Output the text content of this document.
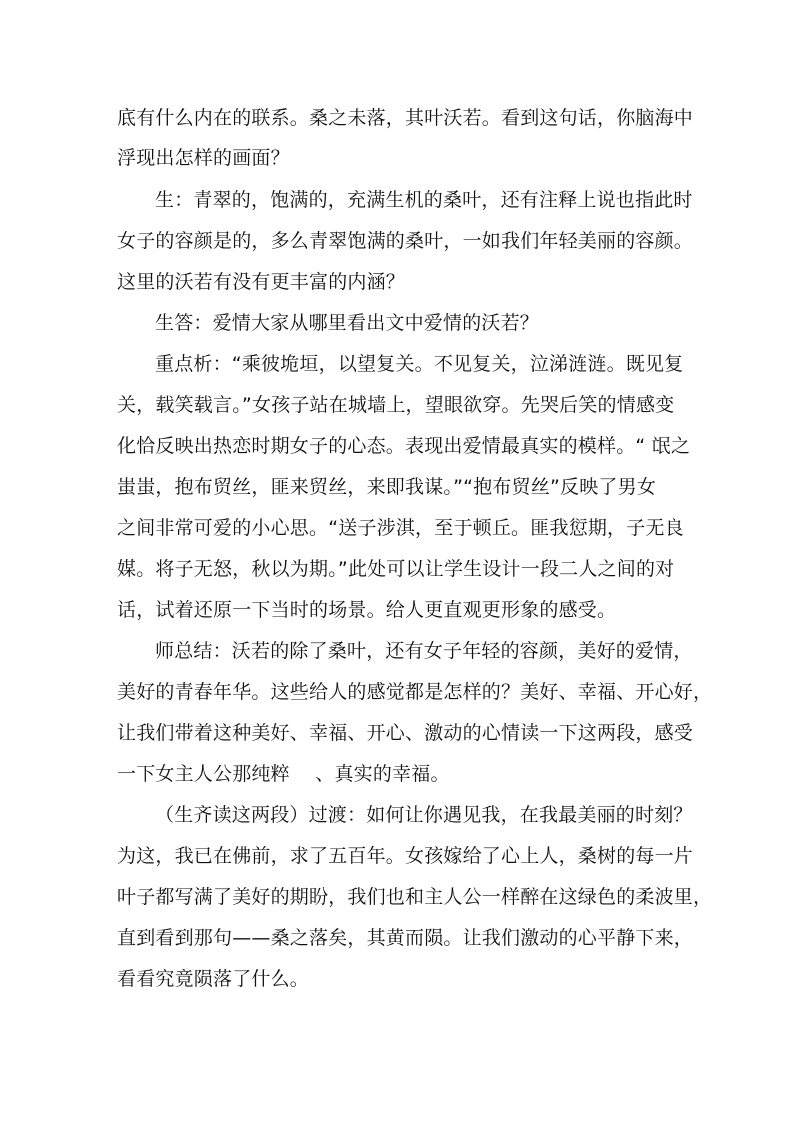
底有什么内在的联系。桑之未落，其叶沃若。看到这句话，你脑海中
浮现出怎样的画面？
生：青翠的，饱满的，充满生机的桑叶，还有注释上说也指此时
女子的容颜是的，多么青翠饱满的桑叶，一如我们年轻美丽的容颜。
这里的沃若有没有更丰富的内涵？
生答：爱情大家从哪里看出文中爱情的沃若？
重点析：“乘彼垝垣，以望复关。不见复关，泣涕涟涟。既见复
关，载笑载言。”女孩子站在城墙上，望眼欲穿。先哭后笑的情感变
化恰反映出热恋时期女子的心态。表现出爱情最真实的模样。“ 氓之
蚩蚩，抱布贸丝，匪来贸丝，来即我谋。”“抱布贸丝”反映了男女
之间非常可爱的小心思。“送子涉淇，至于顿丘。匪我愆期，子无良
媒。将子无怒，秋以为期。”此处可以让学生设计一段二人之间的对
话，试着还原一下当时的场景。给人更直观更形象的感受。
师总结：沃若的除了桑叶，还有女子年轻的容颜，美好的爱情，
美好的青春年华。这些给人的感觉都是怎样的？美好、幸福、开心好，
让我们带着这种美好、幸福、开心、激动的心情读一下这两段，感受
一下女主人公那纯粹　 、真实的幸福。
（生齐读这两段）过渡：如何让你遇见我，在我最美丽的时刻？
为这，我已在佛前，求了五百年。女孩嫁给了心上人，桑树的每一片
叶子都写满了美好的期盼，我们也和主人公一样醉在这绿色的柔波里，
直到看到那句——桑之落矣，其黄而陨。让我们激动的心平静下来，
看看究竟陨落了什么。
